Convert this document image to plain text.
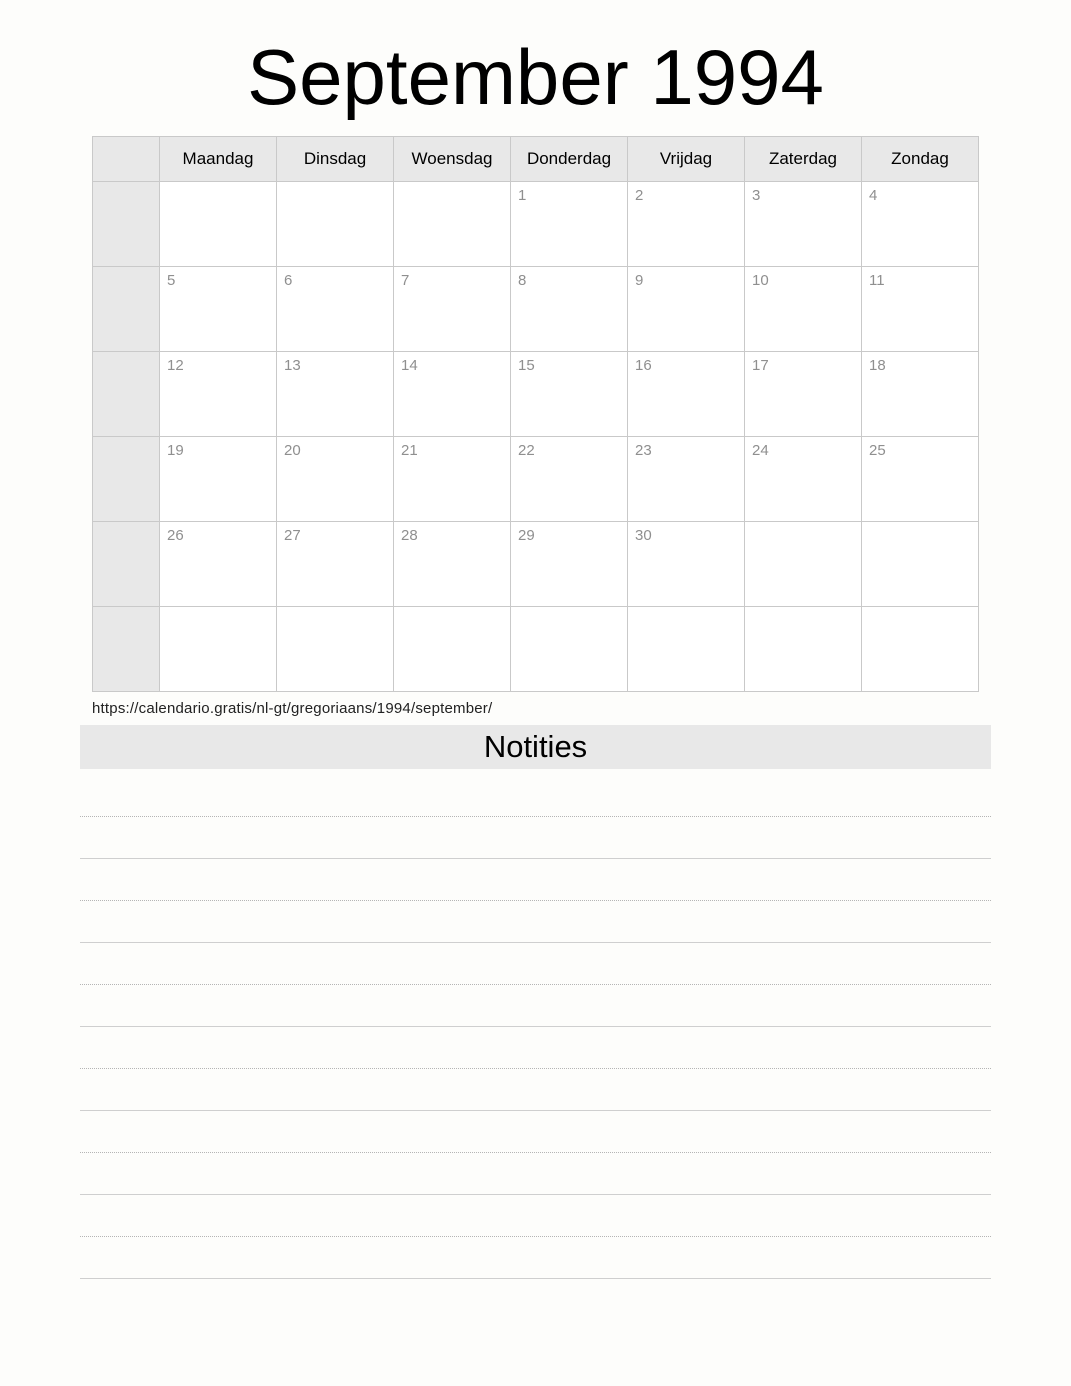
September 1994
	Maandag	Dinsdag	Woensdag	Donderdag	Vrijdag	Zaterdag	Zondag

				1	2	3	4

	5	6	7	8	9	10	11

	12	13	14	15	16	17	18

	19	20	21	22	23	24	25

	26	27	28	29	30		

https://calendario.gratis/nl-gt/gregoriaans/1994/september/
Notities
